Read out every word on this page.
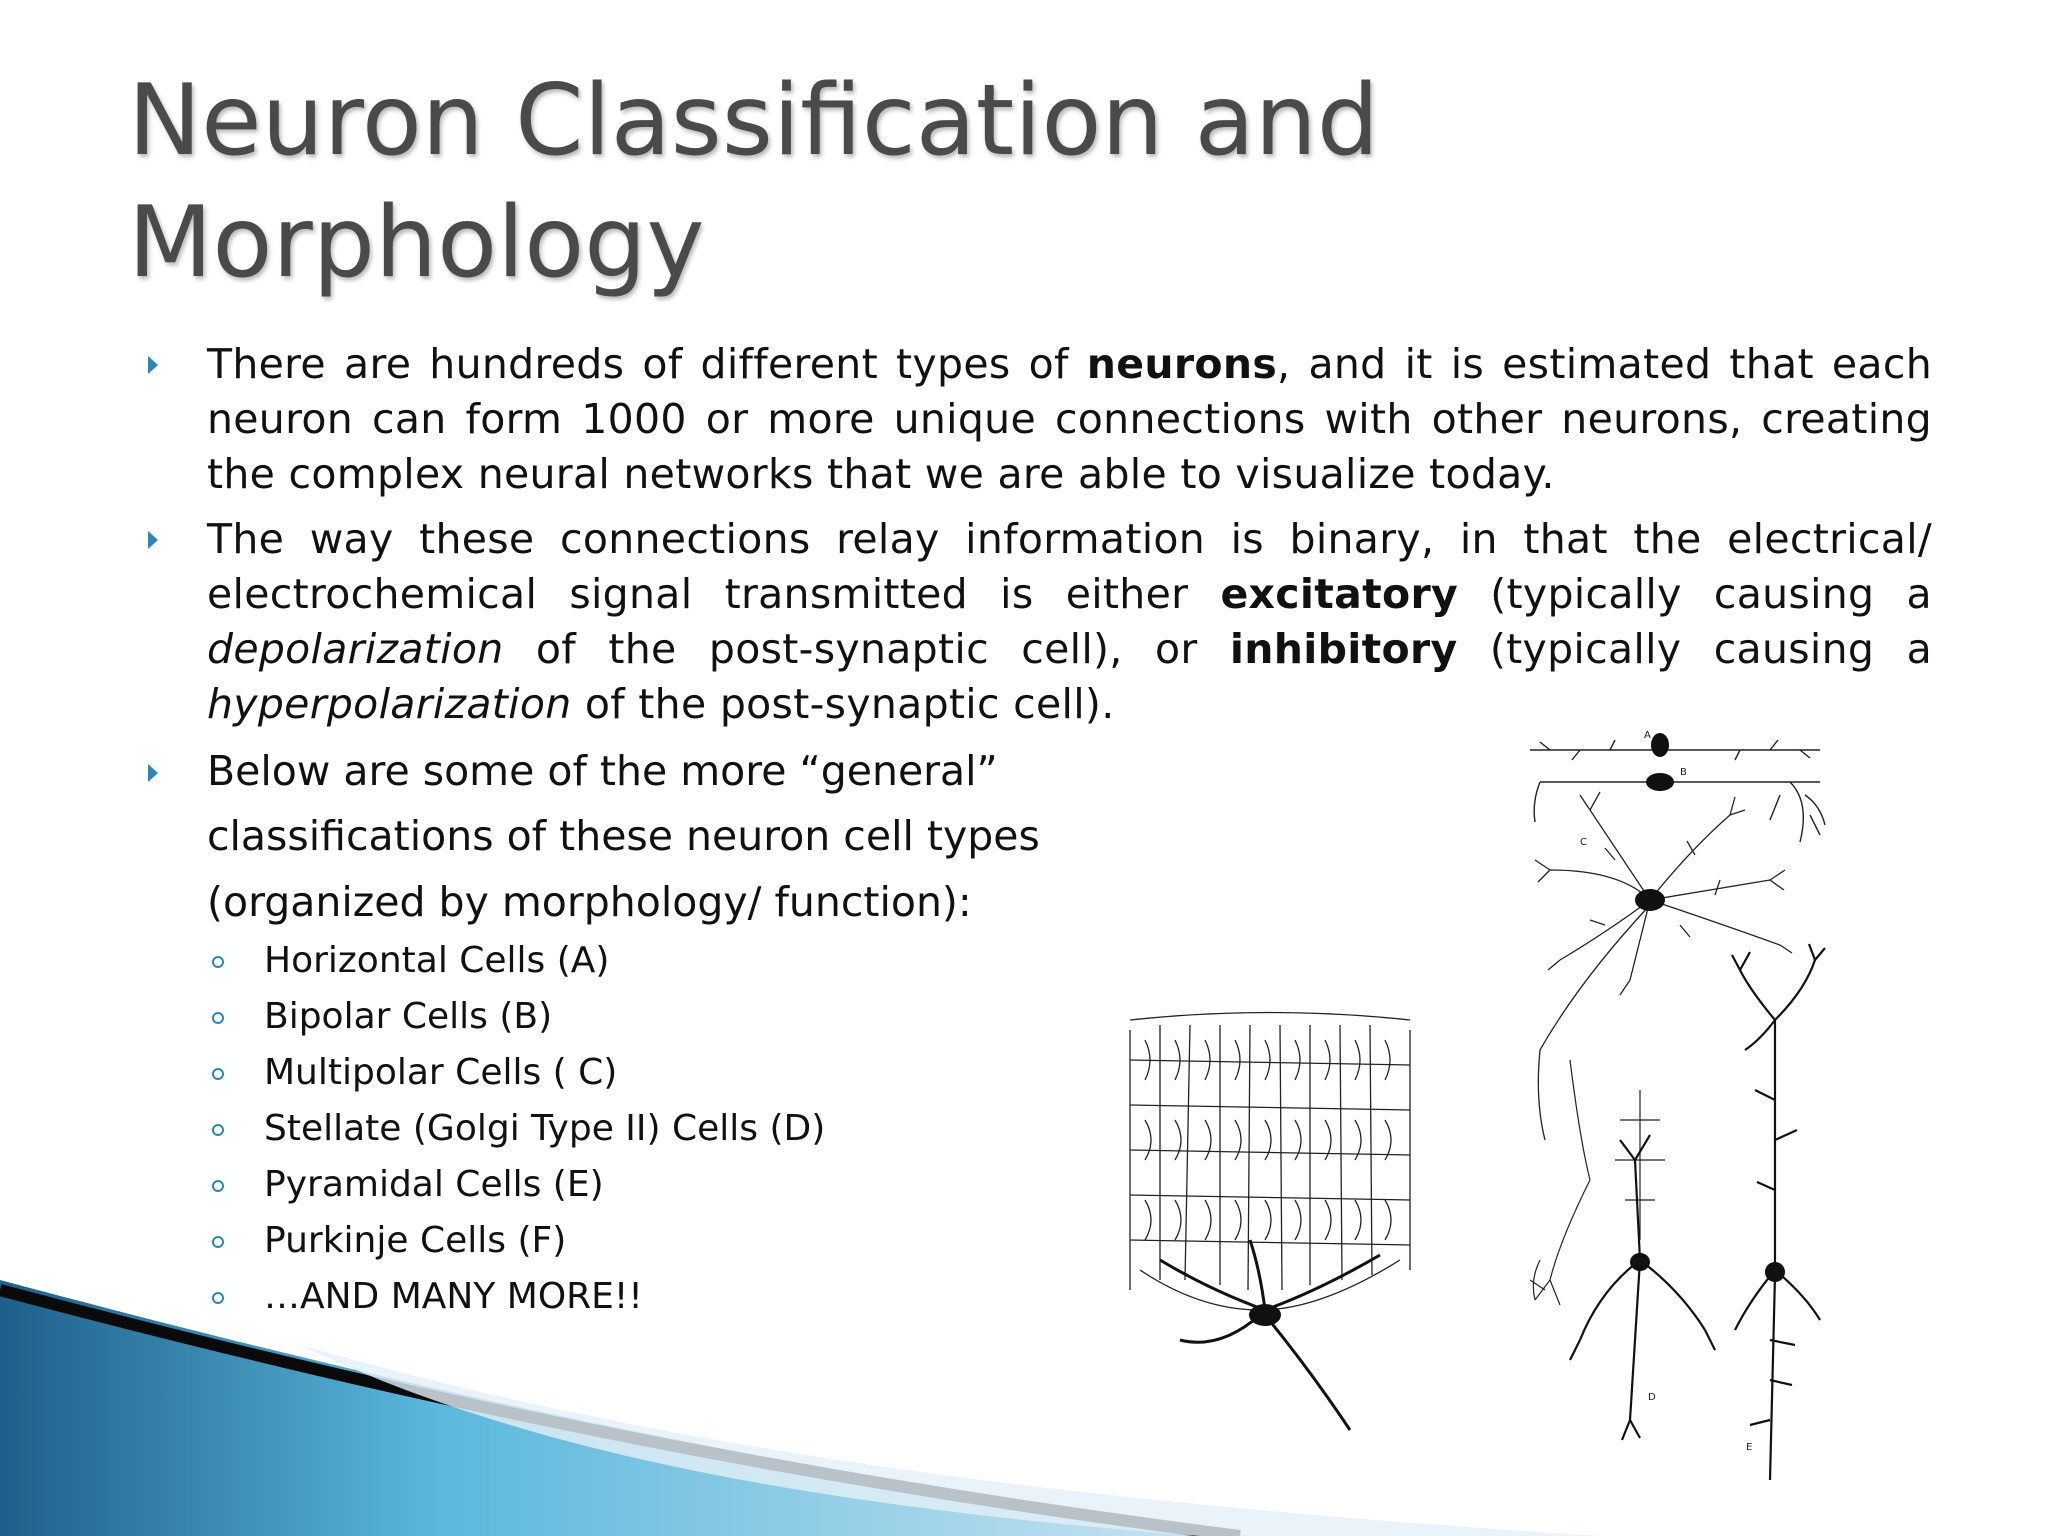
Neuron Classification and
Morphology
There are hundreds of different types of neurons, and it is estimated that each neuron can form 1000 or more unique connections with other neurons, creating the complex neural networks that we are able to visualize today.
The way these connections relay information is binary, in that the electrical/ electrochemical signal transmitted is either excitatory (typically causing a depolarization of the post-synaptic cell), or inhibitory (typically causing a hyperpolarization of the post-synaptic cell).
Below are some of the more “general”
classifications of these neuron cell types
(organized by morphology/ function):
Horizontal Cells (A)
Bipolar Cells (B)
Multipolar Cells ( C)
Stellate (Golgi Type II) Cells (D)
Pyramidal Cells (E)
Purkinje Cells (F)
…AND MANY MORE!!
A
B
C
D
E
